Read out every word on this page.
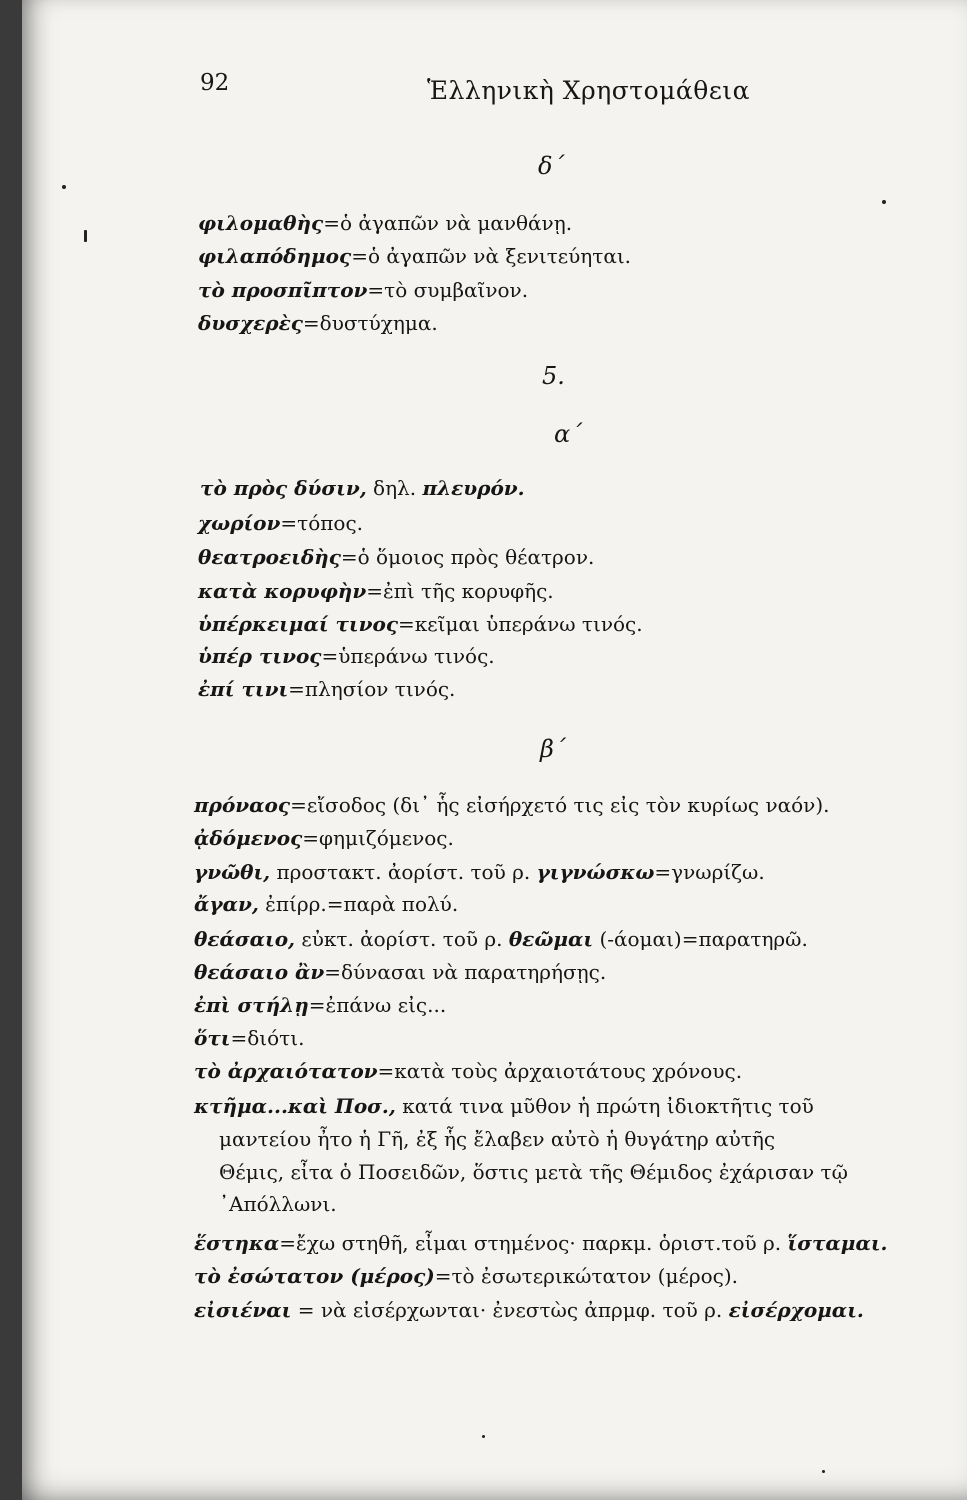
92	Ἑλληνικὴ Χρηστομάθεια
δ΄
φιλομαθὴς=ὁ ἀγαπῶν νὰ μανθάνῃ.
φιλαπόδημος=ὁ ἀγαπῶν νὰ ξενιτεύηται.
τὸ προσπῖπτον=τὸ συμβαῖνον.
δυσχερὲς=δυστύχημα.
5.
α΄
τὸ πρὸς δύσιν, δηλ. πλευρόν.
χωρίον=τόπος.
θεατροειδὴς=ὁ ὅμοιος πρὸς θέατρον.
κατὰ κορυφὴν=ἐπὶ τῆς κορυφῆς.
ὑπέρκειμαί τινος=κεῖμαι ὑπεράνω τινός.
ὑπέρ τινος=ὑπεράνω τινός.
ἐπί τινι=πλησίον τινός.
β΄
πρόναος=εἴσοδος (δι᾿ ἧς εἰσήρχετό τις εἰς τὸν κυρίως ναόν).
ᾀδόμενος=φημιζόμενος.
γνῶθι, προστακτ. ἀορίστ. τοῦ ρ. γιγνώσκω=γνωρίζω.
ἄγαν, ἐπίρρ.=παρὰ πολύ.
θεάσαιο, εὐκτ. ἀορίστ. τοῦ ρ. θεῶμαι (-άομαι)=παρατηρῶ.
θεάσαιο ἂν=δύνασαι νὰ παρατηρήσῃς.
ἐπὶ στήλῃ=ἐπάνω εἰς...
ὅτι=διότι.
τὸ ἀρχαιότατον=κατὰ τοὺς ἀρχαιοτάτους χρόνους.
κτῆμα...καὶ Ποσ., κατά τινα μῦθον ἡ πρώτη ἰδιοκτῆτις τοῦ
μαντείου ἦτο ἡ Γῆ, ἐξ ἧς ἔλαβεν αὐτὸ ἡ θυγάτηρ αὐτῆς
Θέμις, εἶτα ὁ Ποσειδῶν, ὅστις μετὰ τῆς Θέμιδος ἐχάρισαν τῷ
᾿Απόλλωνι.
ἕστηκα=ἔχω στηθῆ, εἶμαι στημένος· παρκμ. ὁριστ.τοῦ ρ. ἵσταμαι.
τὸ ἐσώτατον (μέρος)=τὸ ἐσωτερικώτατον (μέρος).
εἰσιέναι = νὰ εἰσέρχωνται· ἐνεστὼς ἀπρμφ. τοῦ ρ. εἰσέρχομαι.
